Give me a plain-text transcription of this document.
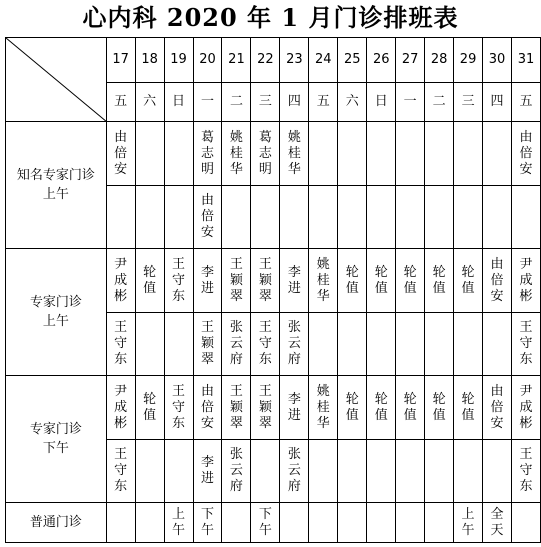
心内科 2020 年 1 月门诊排班表
	17	18	19	20	21	22	23	24	25	26	27	28	29	30	31
	五	六	日	一	二	三	四	五	六	日	一	二	三	四	五

知名专家门诊
上午	由倍安			葛志明	姚桂华	葛志明	姚桂华								由倍安

				由倍安											

专家门诊
上午	尹成彬	轮值	王守东	李进	王颖翠	王颖翠	李进	姚桂华	轮值	轮值	轮值	轮值	轮值	由倍安	尹成彬

	王守东			王颖翠	张云府	王守东	张云府								王守东

专家门诊
下午	尹成彬	轮值	王守东	由倍安	王颖翠	王颖翠	李进	姚桂华	轮值	轮值	轮值	轮值	轮值	由倍安	尹成彬

	王守东			李进	张云府		张云府								王守东

普通门诊			上午	下午		下午							上午	全天	
